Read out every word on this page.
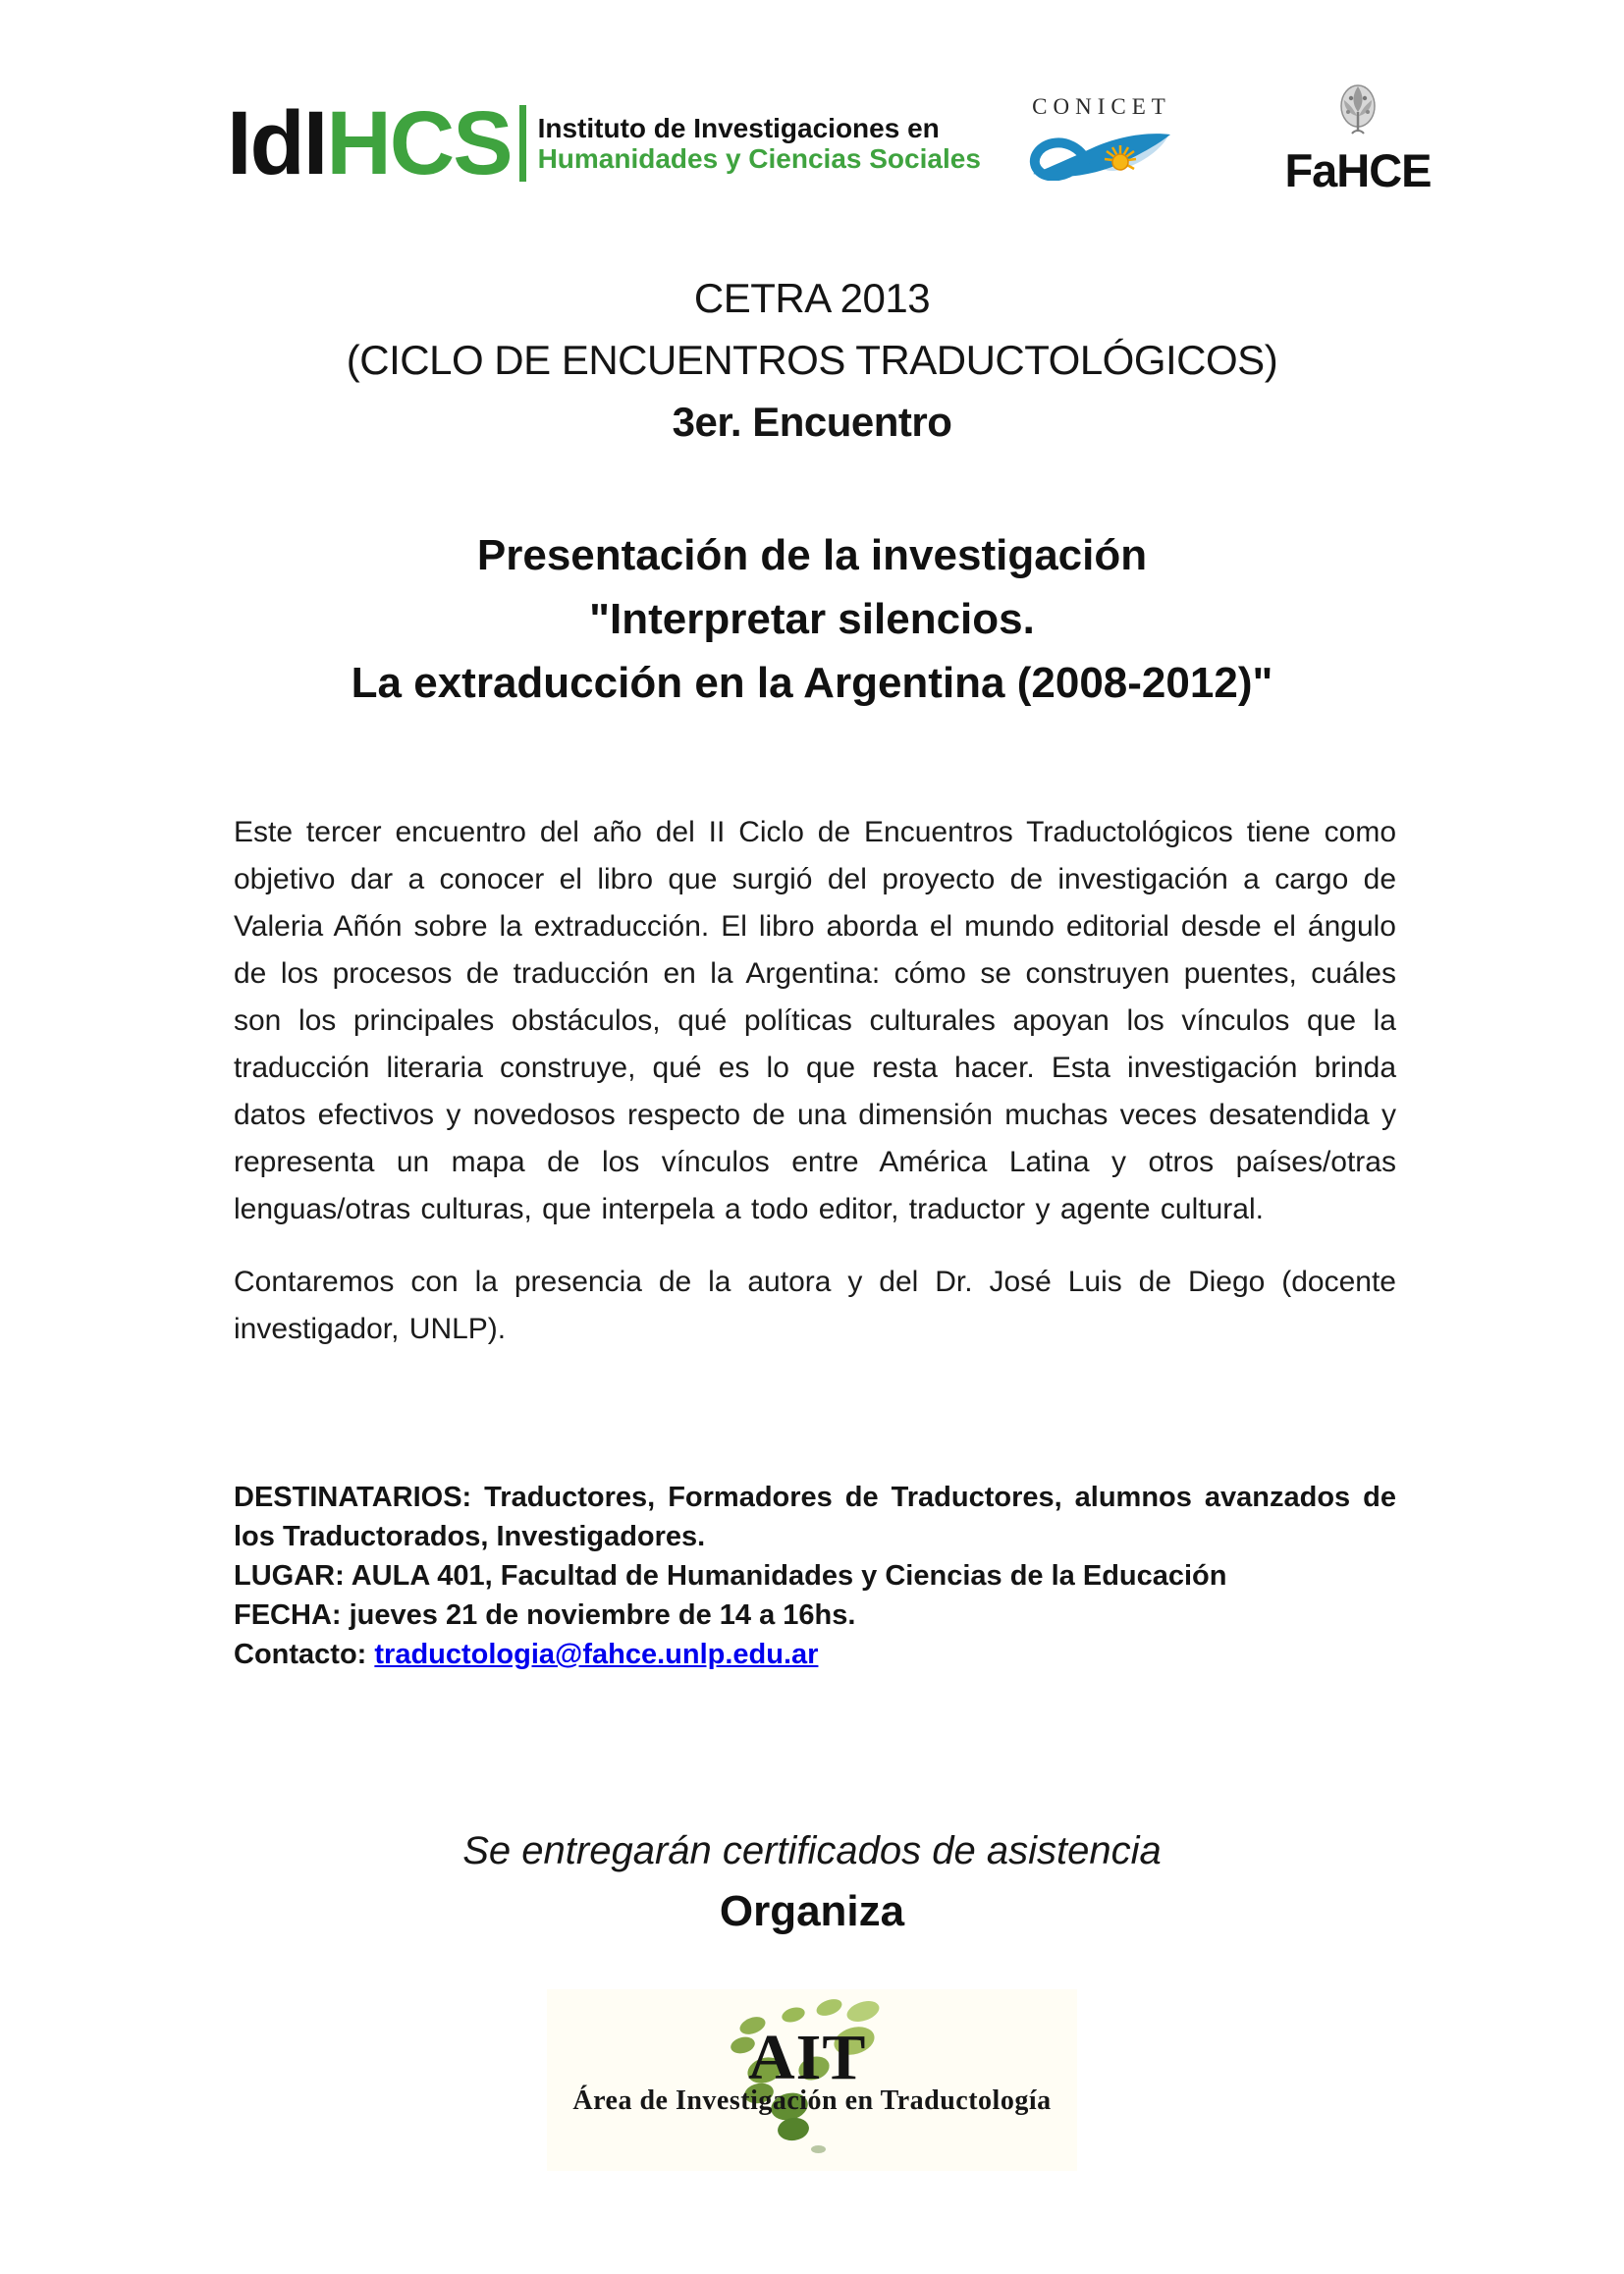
IdIHCS Instituto de Investigaciones en
Humanidades y Ciencias Sociales
CONICET
FaHCE
CETRA 2013
(CICLO DE ENCUENTROS TRADUCTOLÓGICOS)
3er. Encuentro
Presentación de la investigación
"Interpretar silencios.
La extraducción en la Argentina (2008-2012)"

Este tercer encuentro del año del II Ciclo de Encuentros Traductológicos tiene como objetivo dar a conocer el libro que surgió del proyecto de investigación a cargo de Valeria Añón sobre la extraducción. El libro aborda el mundo editorial desde el ángulo de los procesos de traducción en la Argentina: cómo se construyen puentes, cuáles son los principales obstáculos, qué políticas culturales apoyan los vínculos que la traducción literaria construye, qué es lo que resta hacer. Esta investigación brinda datos efectivos y novedosos respecto de una dimensión muchas veces desatendida y representa un mapa de los vínculos entre América Latina y otros países/otras lenguas/otras culturas, que interpela a todo editor, traductor y agente cultural.

Contaremos con la presencia de la autora y del Dr. José Luis de Diego (docente investigador, UNLP).

DESTINATARIOS: Traductores, Formadores de Traductores, alumnos avanzados de los Traductorados, Investigadores.
LUGAR: AULA 401, Facultad de Humanidades y Ciencias de la Educación
FECHA: jueves 21 de noviembre de 14 a 16hs.
Contacto: traductologia@fahce.unlp.edu.ar
Se entregarán certificados de asistencia
Organiza
AIT
Área de Investigación en Traductología
